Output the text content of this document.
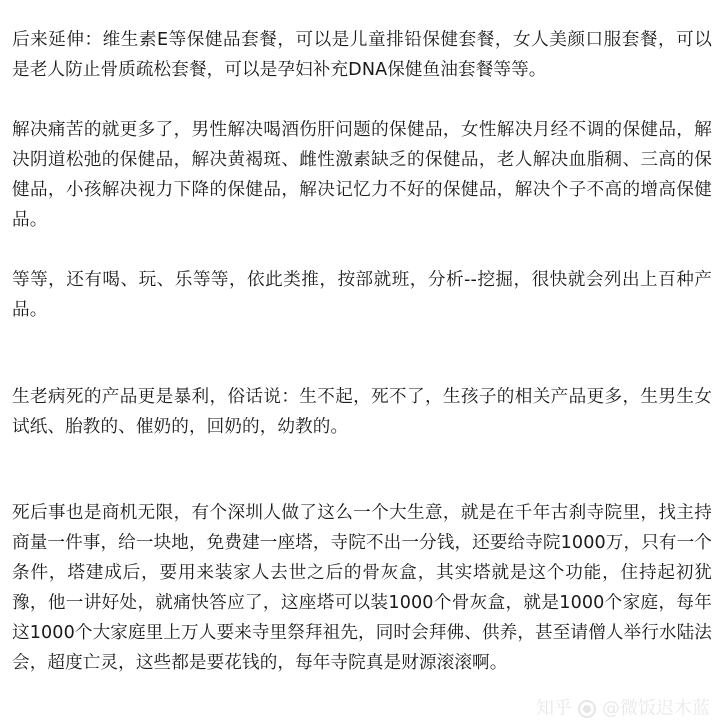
后来延伸：维生素E等保健品套餐，可以是儿童排铅保健套餐，女人美颜口服套餐，可以是老人防止骨质疏松套餐，可以是孕妇补充DNA保健鱼油套餐等等。

解决痛苦的就更多了，男性解决喝酒伤肝问题的保健品，女性解决月经不调的保健品，解决阴道松弛的保健品，解决黄褐斑、雌性激素缺乏的保健品，老人解决血脂稠、三高的保健品，小孩解决视力下降的保健品，解决记忆力不好的保健品，解决个子不高的增高保健品。

等等，还有喝、玩、乐等等，依此类推，按部就班，分析--挖掘，很快就会列出上百种产品。

生老病死的产品更是暴利，俗话说：生不起，死不了，生孩子的相关产品更多，生男生女试纸、胎教的、催奶的，回奶的，幼教的。

死后事也是商机无限，有个深圳人做了这么一个大生意，就是在千年古刹寺院里，找主持商量一件事，给一块地，免费建一座塔，寺院不出一分钱，还要给寺院1000万，只有一个条件，塔建成后，要用来装家人去世之后的骨灰盒，其实塔就是这个功能，住持起初犹豫，他一讲好处，就痛快答应了，这座塔可以装1000个骨灰盒，就是1000个家庭，每年这1000个大家庭里上万人要来寺里祭拜祖先，同时会拜佛、供养，甚至请僧人举行水陆法会，超度亡灵，这些都是要花钱的，每年寺院真是财源滚滚啊。

知乎 @微饭迟木蓝
